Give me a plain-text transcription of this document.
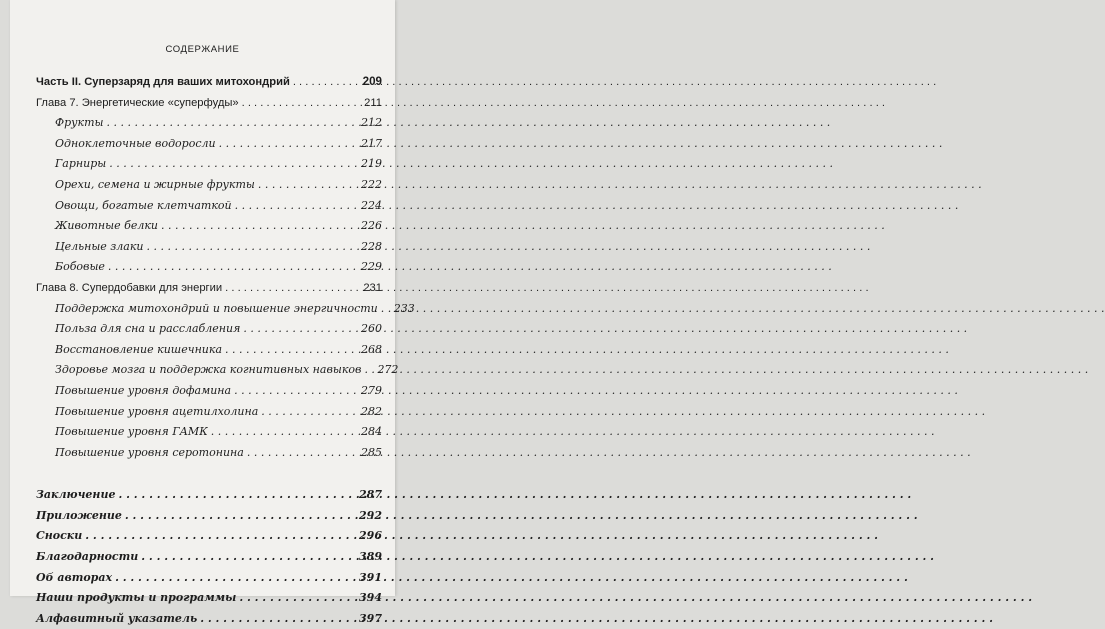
СОДЕРЖАНИЕ
Часть II. Суперзаряд для ваших митохондрий . . .	209
Глава 7. Энергетические «суперфуды» . . .	211
Фрукты . . .	212
Одноклеточные водоросли . . .	217
Гарниры . . .	219
Орехи, семена и жирные фрукты . . .	222
Овощи, богатые клетчаткой . . .	224
Животные белки . . .	226
Цельные злаки . . .	228
Бобовые . . .	229
Глава 8. Супердобавки для энергии . . .	231
Поддержка митохондрий и повышение энергичности . . . 233
Польза для сна и расслабления . . .	260
Восстановление кишечника . . .	268
Здоровье мозга и поддержка когнитивных навыков . . . 272
Повышение уровня дофамина . . .	279
Повышение уровня ацетилхолина . . .	282
Повышение уровня ГАМК . . .	284
Повышение уровня серотонина . . .	285
Заключение . . .	287
Приложение . . .	292
Сноски . . .	296
Благодарности . . .	389
Об авторах . . .	391
Наши продукты и программы . . .	394
Алфавитный указатель . . .	397
